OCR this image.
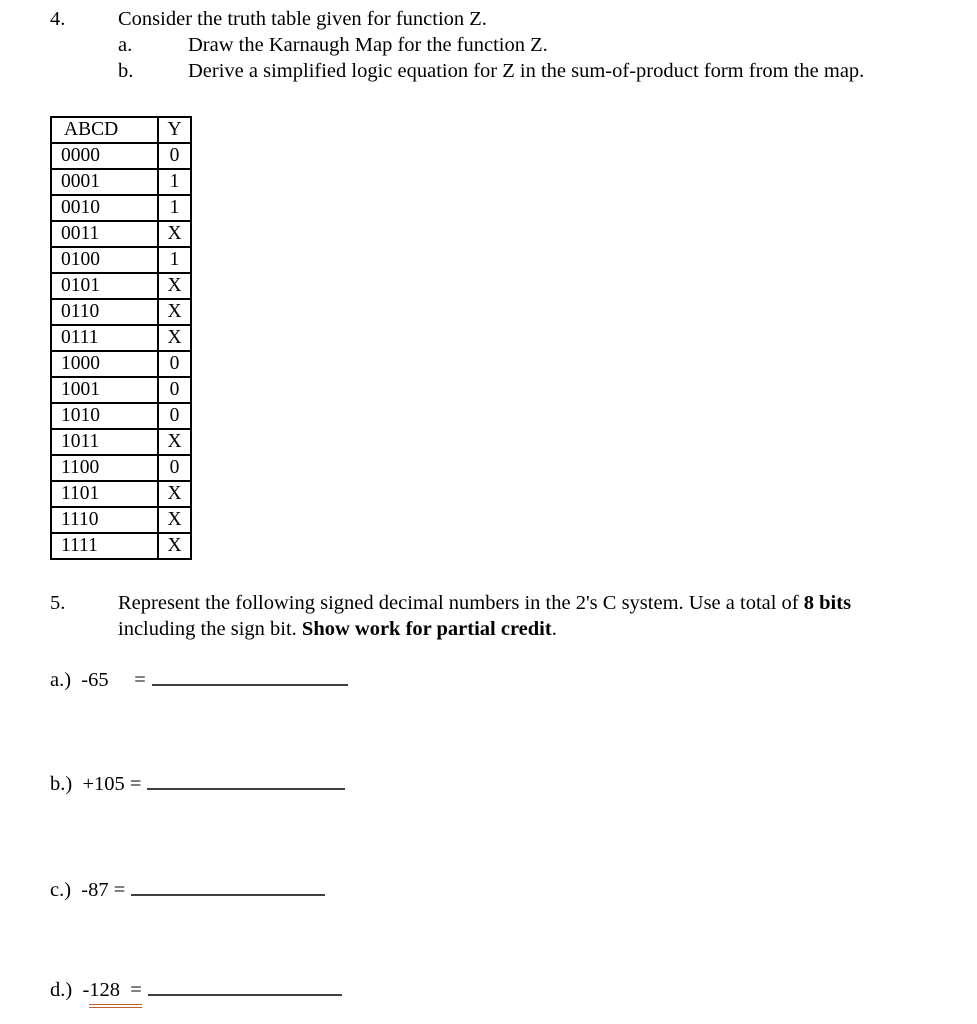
4.	Consider the truth table given for function Z.
a.	Draw the Karnaugh Map for the function Z.
b.	Derive a simplified logic equation for Z in the sum-of-product form from the map.
ABCD	Y
0000	0
0001	1
0010	1
0011	X
0100	1
0101	X
0110	X
0111	X
1000	0
1001	0
1010	0
1011	X
1100	0
1101	X
1110	X
1111	X
5.	Represent the following signed decimal numbers in the 2's C system. Use a total of 8 bits including the sign bit. Show work for partial credit.
a.)  -65     =
b.)  +105 =
c.)  -87 =
d.)  - 128  =
